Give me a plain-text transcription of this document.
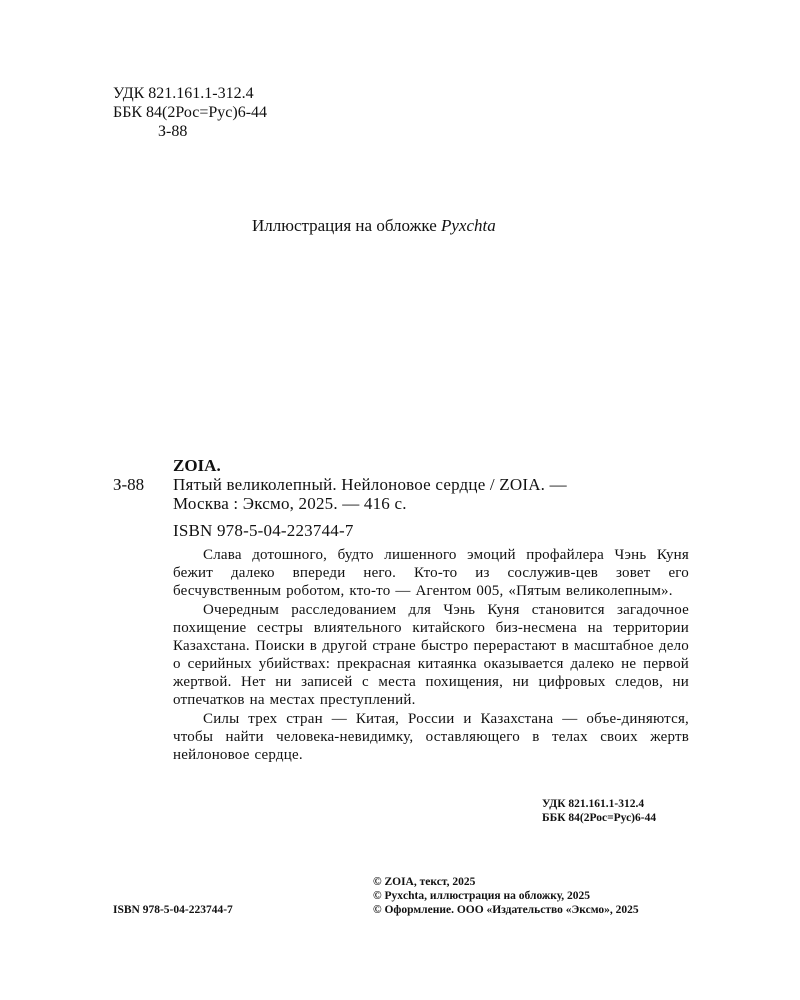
УДК 821.161.1-312.4
ББК 84(2Рос=Рус)6-44
З-88
Иллюстрация на обложке Pyxchta
ZOIA.
З-88 Пятый великолепный. Нейлоновое сердце / ZOIA. —
Москва : Эксмо, 2025. — 416 с.
ISBN 978-5-04-223744-7

Слава дотошного, будто лишенного эмоций профайлера Чэнь Куня бежит далеко впереди него. Кто-то из сослужив-цев зовет его бесчувственным роботом, кто-то — Агентом 005, «Пятым великолепным».

Очередным расследованием для Чэнь Куня становится загадочное похищение сестры влиятельного китайского биз-несмена на территории Казахстана. Поиски в другой стране быстро перерастают в масштабное дело о серийных убийствах: прекрасная китаянка оказывается далеко не первой жертвой. Нет ни записей с места похищения, ни цифровых следов, ни отпечатков на местах преступлений.

Силы трех стран — Китая, России и Казахстана — объе-диняются, чтобы найти человека-невидимку, оставляющего в телах своих жертв нейлоновое сердце.

УДК 821.161.1-312.4
ББК 84(2Рос=Рус)6-44
© ZOIA, текст, 2025
© Pyxchta, иллюстрация на обложку, 2025
ISBN 978-5-04-223744-7	© Оформление. ООО «Издательство «Эксмо», 2025
